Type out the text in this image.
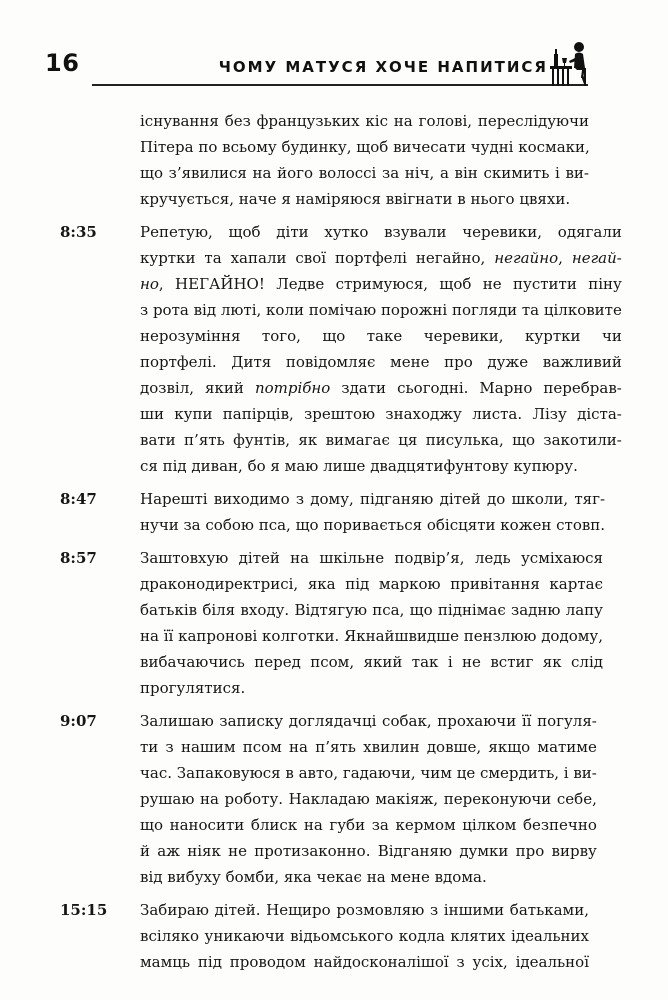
16	ЧОМУ МАТУСЯ ХОЧЕ НАПИТИСЯ
існування без французьких кіс на голові, переслідуючи
Пітера по всьому будинку, щоб вичесати чудні космаки,
що з’явилися на його волоссі за ніч, а він скимить і ви-
кручується, наче я наміряюся ввігнати в нього цвяхи.
8:35	Репетую, щоб діти хутко взували черевики, одягали
куртки та хапали свої портфелі негайно, негайно, негай-
но, НЕГАЙНО! Ледве стримуюся, щоб не пустити піну
з рота від люті, коли помічаю порожні погляди та цілковите
нерозуміння того, що таке черевики, куртки чи
портфелі. Дитя повідомляє мене про дуже важливий
дозвіл, який потрібно здати сьогодні. Марно перебрав-
ши купи папірців, зрештою знаходжу листа. Лізу діста-
вати п’ять фунтів, як вимагає ця писулька, що закотили-
ся під диван, бо я маю лише двадцятифунтову купюру.
8:47	Нарешті виходимо з дому, підганяю дітей до школи, тяг-
нучи за собою пса, що поривається обісцяти кожен стовп.
8:57	Заштовхую дітей на шкільне подвір’я, ледь усміхаюся
драконодиректрисі, яка під маркою привітання картає
батьків біля входу. Відтягую пса, що піднімає задню лапу
на її капронові колготки. Якнайшвидше пензлюю додому,
вибачаючись перед псом, який так і не встиг як слід
прогулятися.
9:07	Залишаю записку доглядачці собак, прохаючи її погуля-
ти з нашим псом на п’ять хвилин довше, якщо матиме
час. Запаковуюся в авто, гадаючи, чим це смердить, і ви-
рушаю на роботу. Накладаю макіяж, переконуючи себе,
що наносити блиск на губи за кермом цілком безпечно
й аж ніяк не протизаконно. Відганяю думки про вирву
від вибуху бомби, яка чекає на мене вдома.
15:15	Забираю дітей. Нещиро розмовляю з іншими батьками,
всіляко уникаючи відьомського кодла клятих ідеальних
мамць під проводом найдосконалішої з усіх, ідеальної
